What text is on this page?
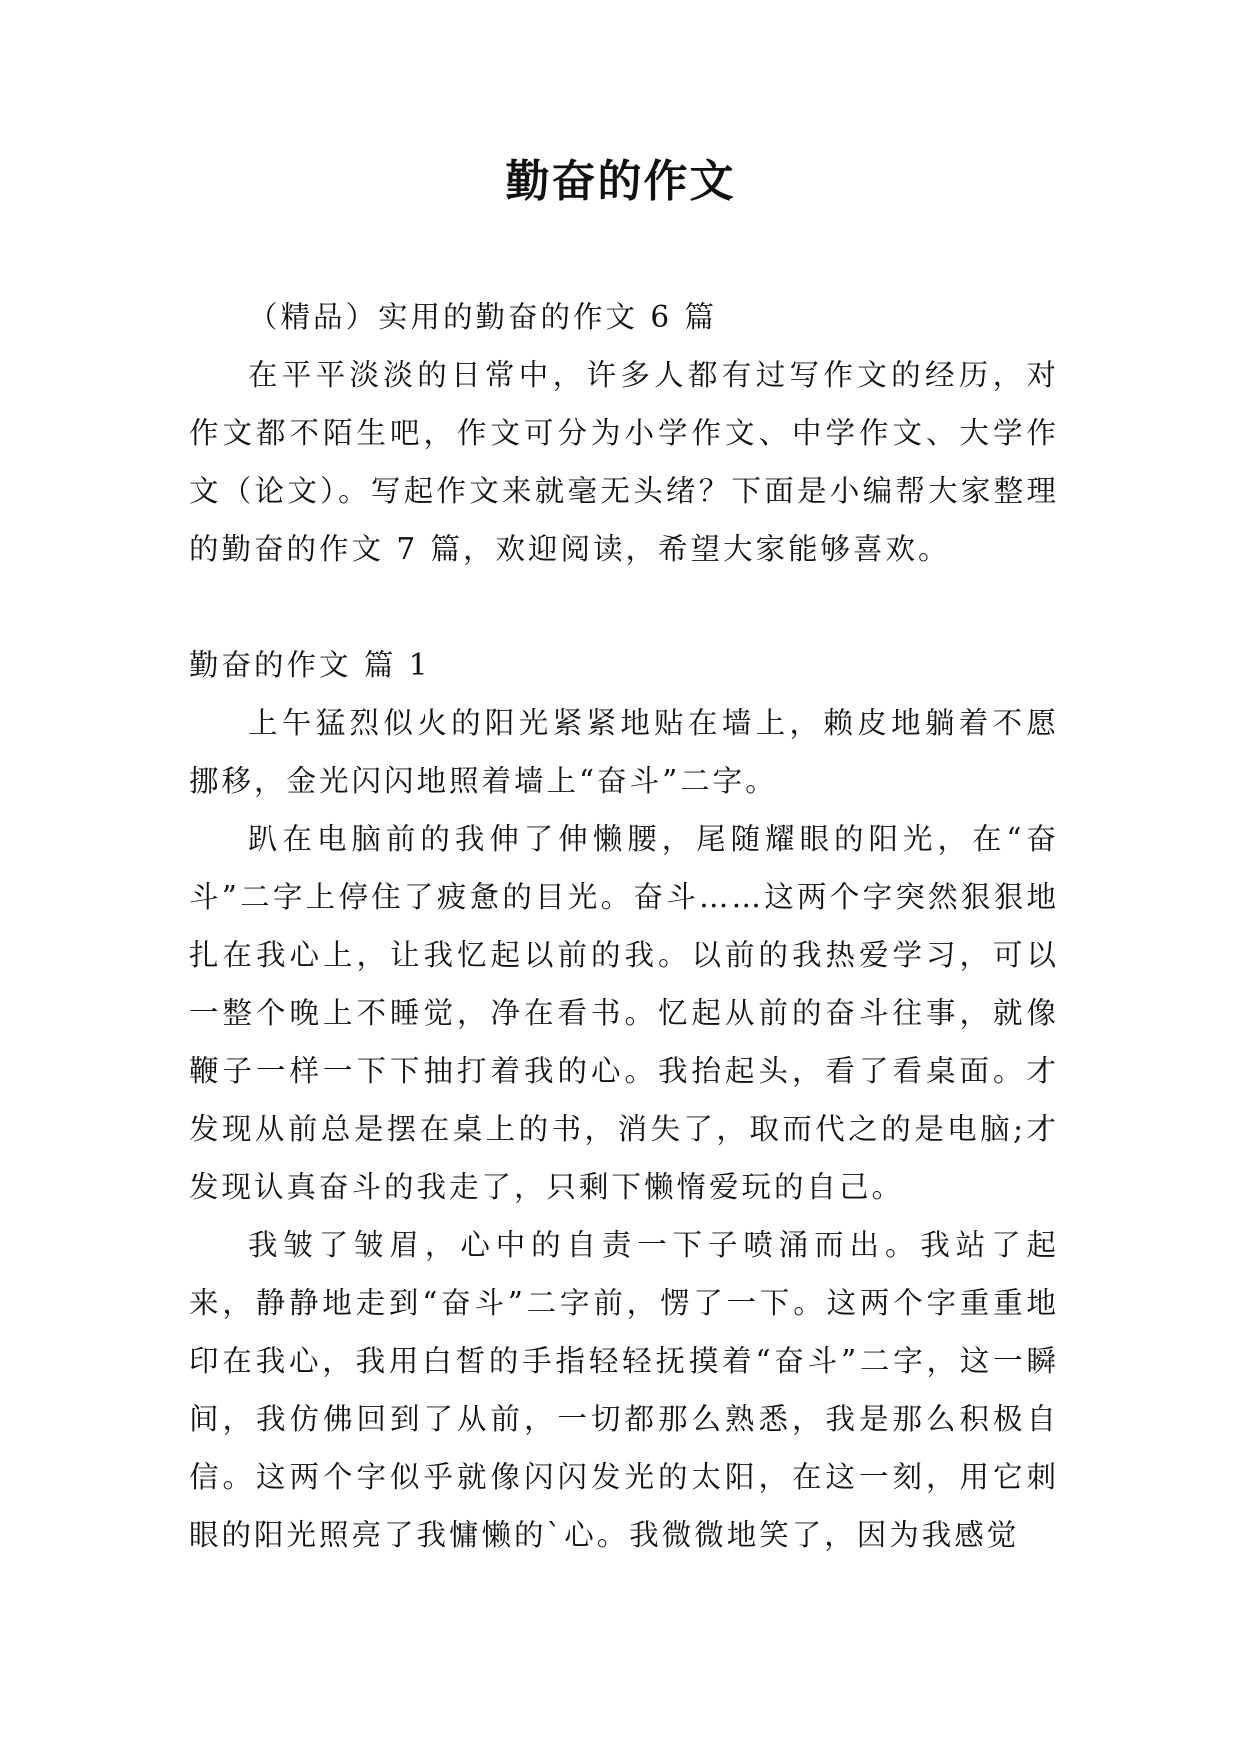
勤奋的作文

（精品）实用的勤奋的作文 6 篇

在平平淡淡的日常中，许多人都有过写作文的经历，对作文都不陌生吧，作文可分为小学作文、中学作文、大学作文（论文）。写起作文来就毫无头绪？下面是小编帮大家整理的勤奋的作文 7 篇，欢迎阅读，希望大家能够喜欢。

勤奋的作文 篇 1

上午猛烈似火的阳光紧紧地贴在墙上，赖皮地躺着不愿挪移，金光闪闪地照着墙上“奋斗”二字。

趴在电脑前的我伸了伸懒腰，尾随耀眼的阳光，在“奋斗”二字上停住了疲惫的目光。奋斗……这两个字突然狠狠地扎在我心上，让我忆起以前的我。以前的我热爱学习，可以一整个晚上不睡觉，净在看书。忆起从前的奋斗往事，就像鞭子一样一下下抽打着我的心。我抬起头，看了看桌面。才发现从前总是摆在桌上的书，消失了，取而代之的是电脑;才发现认真奋斗的我走了，只剩下懒惰爱玩的自己。

我皱了皱眉，心中的自责一下子喷涌而出。我站了起来，静静地走到“奋斗”二字前，愣了一下。这两个字重重地印在我心，我用白皙的手指轻轻抚摸着“奋斗”二字，这一瞬间，我仿佛回到了从前，一切都那么熟悉，我是那么积极自信。这两个字似乎就像闪闪发光的太阳，在这一刻，用它刺眼的阳光照亮了我慵懒的`心。我微微地笑了，因为我感觉
